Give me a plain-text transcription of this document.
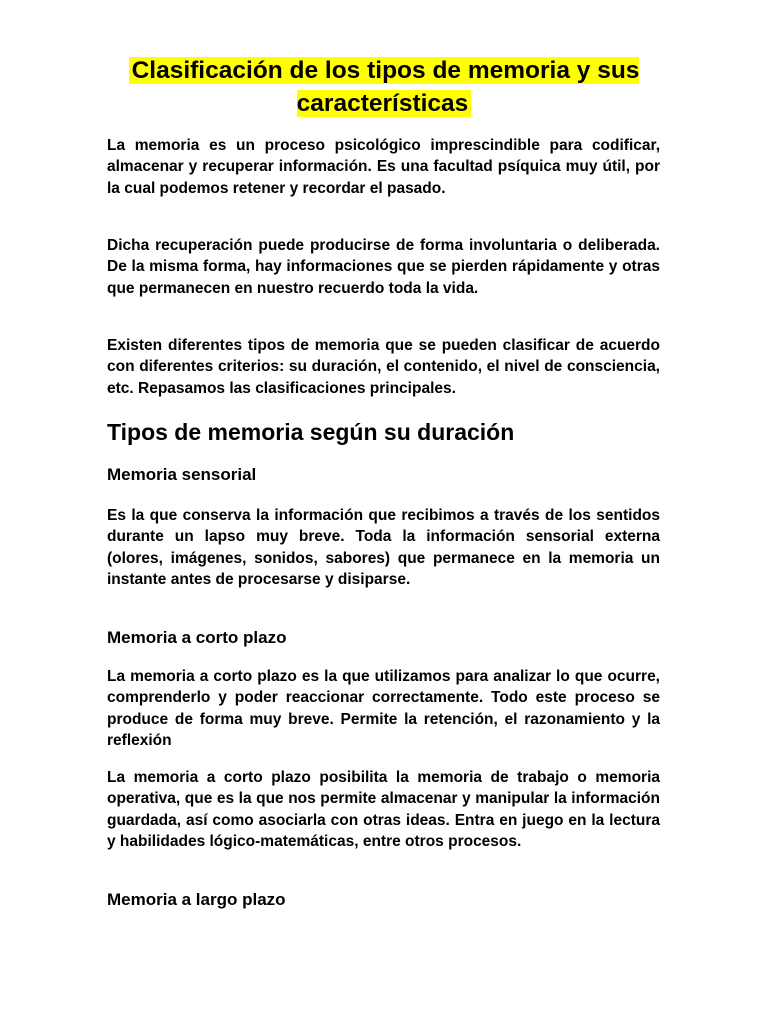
Clasificación de los tipos de memoria y sus características

La memoria es un proceso psicológico imprescindible para codificar, almacenar y recuperar información. Es una facultad psíquica muy útil, por la cual podemos retener y recordar el pasado.

Dicha recuperación puede producirse de forma involuntaria o deliberada. De la misma forma, hay informaciones que se pierden rápidamente y otras que permanecen en nuestro recuerdo toda la vida.

Existen diferentes tipos de memoria que se pueden clasificar de acuerdo con diferentes criterios: su duración, el contenido, el nivel de consciencia, etc. Repasamos las clasificaciones principales.

Tipos de memoria según su duración
Memoria sensorial

Es la que conserva la información que recibimos a través de los sentidos durante un lapso muy breve. Toda la información sensorial externa (olores, imágenes, sonidos, sabores) que permanece en la memoria un instante antes de procesarse y disiparse.

Memoria a corto plazo

La memoria a corto plazo es la que utilizamos para analizar lo que ocurre, comprenderlo y poder reaccionar correctamente. Todo este proceso se produce de forma muy breve. Permite la retención, el razonamiento y la reflexión

La memoria a corto plazo posibilita la memoria de trabajo o memoria operativa, que es la que nos permite almacenar y manipular la información guardada, así como asociarla con otras ideas. Entra en juego en la lectura y habilidades lógico-matemáticas, entre otros procesos.

Memoria a largo plazo
